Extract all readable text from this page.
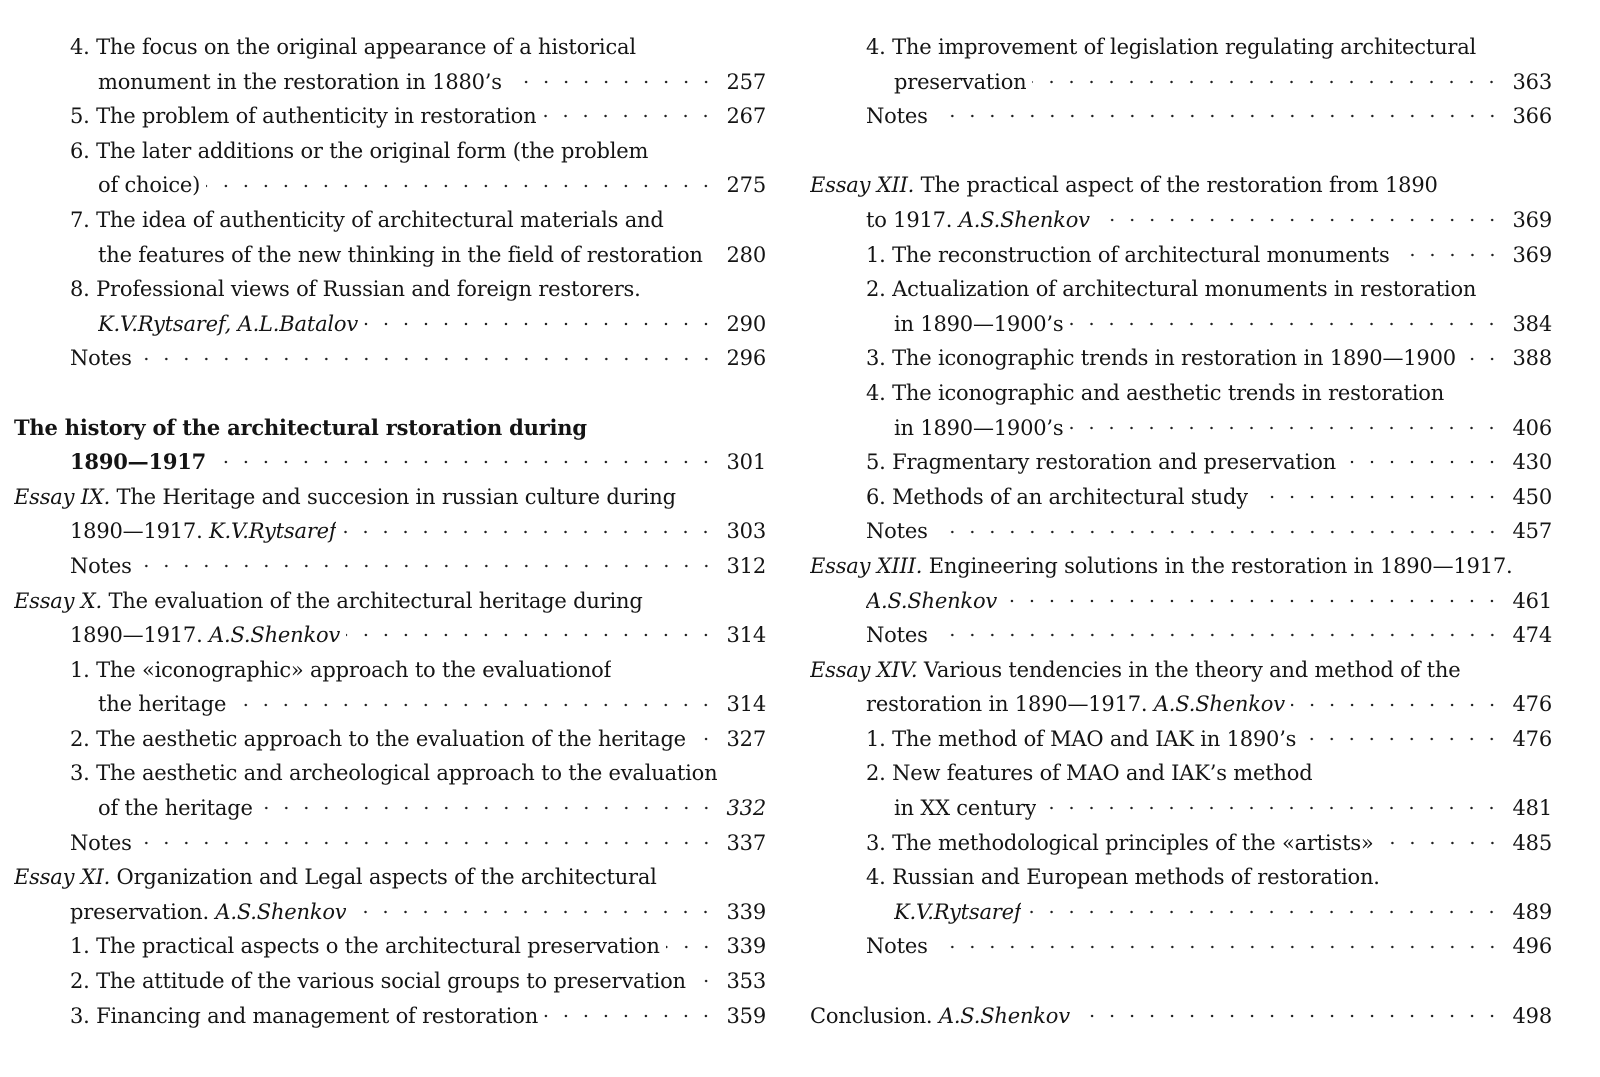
4. The focus on the original appearance of a historical
monument in the restoration in 1880’s	257
5. The problem of authenticity in restoration	267
6. The later additions or the original form (the problem
of choice)	275
7. The idea of authenticity of architectural materials and
the features of the new thinking in the field of restoration 280
8. Professional views of Russian and foreign restorers.
K.V.Rytsaref, A.L.Batalov	290
Notes	296
The history of the architectural rstoration during
1890—1917	301
Essay IX. The Heritage and succesion in russian culture during
1890—1917. K.V.Rytsaref	303
Notes	312
Essay X. The evaluation of the architectural heritage during
1890—1917. A.S.Shenkov	314
1. The «iconographic» approach to the evaluationof
the heritage	314
2. The aesthetic approach to the evaluation of the heritage 327
3. The aesthetic and archeological approach to the evaluation
of the heritage	332
Notes	337
Essay XI. Organization and Legal aspects of the architectural
preservation. A.S.Shenkov	339
1. The practical aspects o the architectural preservation	339
2. The attitude of the various social groups to preservation 353
3. Financing and management of restoration	359
4. The improvement of legislation regulating architectural
preservation	363
Notes	366
Essay XII. The practical aspect of the restoration from 1890
to 1917. A.S.Shenkov	369
1. The reconstruction of architectural monuments	369
2. Actualization of architectural monuments in restoration
in 1890—1900’s	384
3. The iconographic trends in restoration in 1890—1900	388
4. The iconographic and aesthetic trends in restoration
in 1890—1900’s	406
5. Fragmentary restoration and preservation	430
6. Methods of an architectural study	450
Notes	457
Essay XIII. Engineering solutions in the restoration in 1890—1917.
A.S.Shenkov	461
Notes	474
Essay XIV. Various tendencies in the theory and method of the
restoration in 1890—1917. A.S.Shenkov	476
1. The method of MAO and IAK in 1890’s	476
2. New features of MAO and IAK’s method
in XX century	481
3. The methodological principles of the «artists»	485
4. Russian and European methods of restoration.
K.V.Rytsaref	489
Notes	496
Conclusion. A.S.Shenkov	498
